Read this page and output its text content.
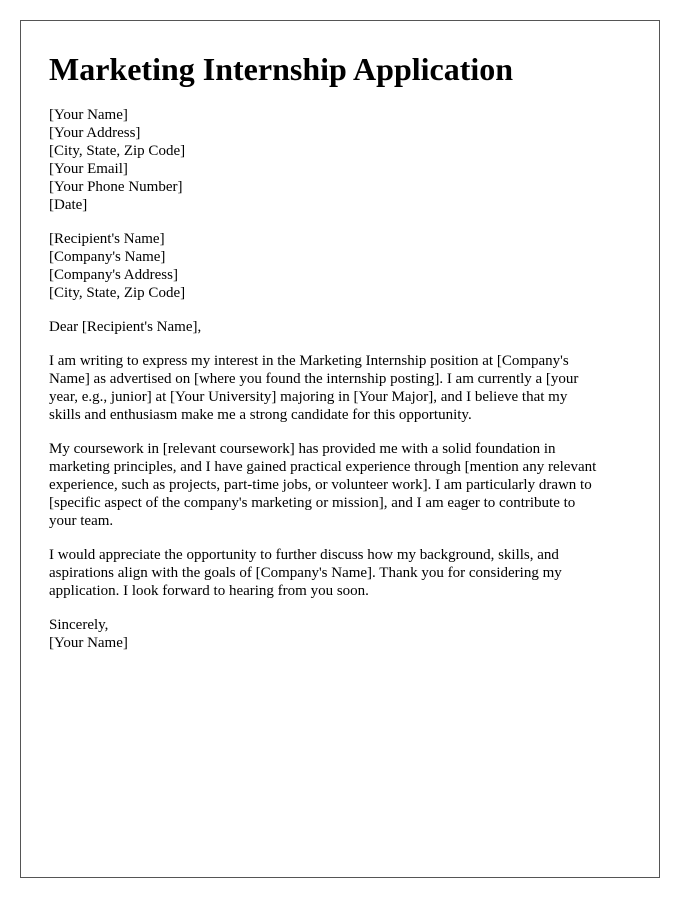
Marketing Internship Application
[Your Name]
[Your Address]
[City, State, Zip Code]
[Your Email]
[Your Phone Number]
[Date]
[Recipient's Name]
[Company's Name]
[Company's Address]
[City, State, Zip Code]
Dear [Recipient's Name],
I am writing to express my interest in the Marketing Internship position at [Company's
Name] as advertised on [where you found the internship posting]. I am currently a [your
year, e.g., junior] at [Your University] majoring in [Your Major], and I believe that my
skills and enthusiasm make me a strong candidate for this opportunity.
My coursework in [relevant coursework] has provided me with a solid foundation in
marketing principles, and I have gained practical experience through [mention any relevant
experience, such as projects, part-time jobs, or volunteer work]. I am particularly drawn to
[specific aspect of the company's marketing or mission], and I am eager to contribute to
your team.
I would appreciate the opportunity to further discuss how my background, skills, and
aspirations align with the goals of [Company's Name]. Thank you for considering my
application. I look forward to hearing from you soon.
Sincerely,
[Your Name]
